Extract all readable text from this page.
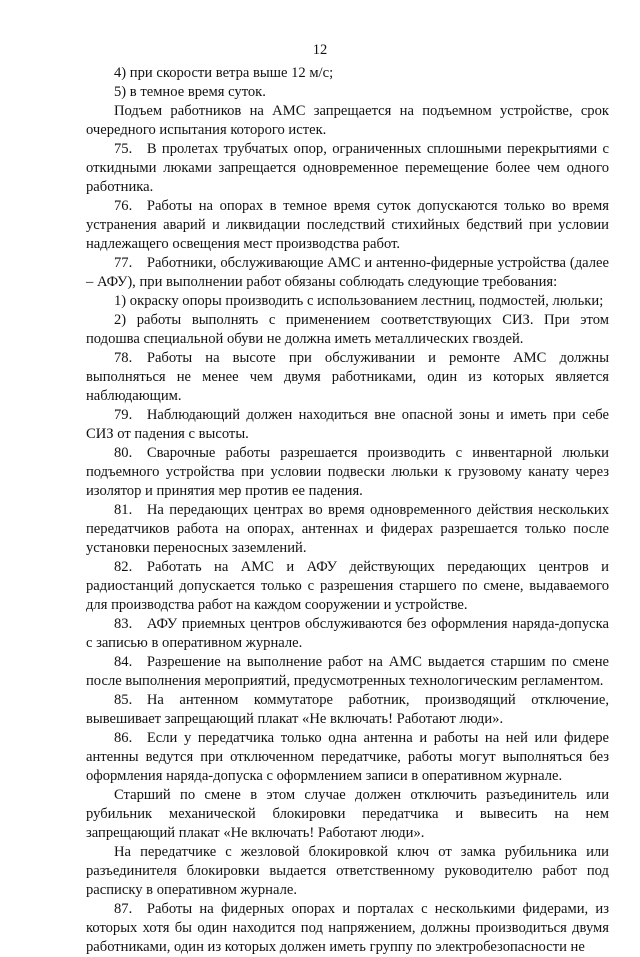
12

4) при скорости ветра выше 12 м/с;

5) в темное время суток.

Подъем работников на АМС запрещается на подъемном устройстве, срок очередного испытания которого истек.

75. В пролетах трубчатых опор, ограниченных сплошными перекрытиями с откидными люками запрещается одновременное перемещение более чем одного работника.

76. Работы на опорах в темное время суток допускаются только во время устранения аварий и ликвидации последствий стихийных бедствий при условии надлежащего освещения мест производства работ.

77. Работники, обслуживающие АМС и антенно-фидерные устройства (далее – АФУ), при выполнении работ обязаны соблюдать следующие требования:

1) окраску опоры производить с использованием лестниц, подмостей, люльки;

2) работы выполнять с применением соответствующих СИЗ. При этом подошва специальной обуви не должна иметь металлических гвоздей.

78. Работы на высоте при обслуживании и ремонте АМС должны выполняться не менее чем двумя работниками, один из которых является наблюдающим.

79. Наблюдающий должен находиться вне опасной зоны и иметь при себе СИЗ от падения с высоты.

80. Сварочные работы разрешается производить с инвентарной люльки подъемного устройства при условии подвески люльки к грузовому канату через изолятор и принятия мер против ее падения.

81. На передающих центрах во время одновременного действия нескольких передатчиков работа на опорах, антеннах и фидерах разрешается только после установки переносных заземлений.

82. Работать на АМС и АФУ действующих передающих центров и радиостанций допускается только с разрешения старшего по смене, выдаваемого для производства работ на каждом сооружении и устройстве.

83. АФУ приемных центров обслуживаются без оформления наряда-допуска с записью в оперативном журнале.

84. Разрешение на выполнение работ на АМС выдается старшим по смене после выполнения мероприятий, предусмотренных технологическим регламентом.

85. На антенном коммутаторе работник, производящий отключение, вывешивает запрещающий плакат «Не включать! Работают люди».

86. Если у передатчика только одна антенна и работы на ней или фидере антенны ведутся при отключенном передатчике, работы могут выполняться без оформления наряда-допуска с оформлением записи в оперативном журнале.

Старший по смене в этом случае должен отключить разъединитель или рубильник механической блокировки передатчика и вывесить на нем запрещающий плакат «Не включать! Работают люди».

На передатчике с жезловой блокировкой ключ от замка рубильника или разъединителя блокировки выдается ответственному руководителю работ под расписку в оперативном журнале.

87. Работы на фидерных опорах и порталах с несколькими фидерами, из которых хотя бы один находится под напряжением, должны производиться двумя работниками, один из которых должен иметь группу по электробезопасности не
